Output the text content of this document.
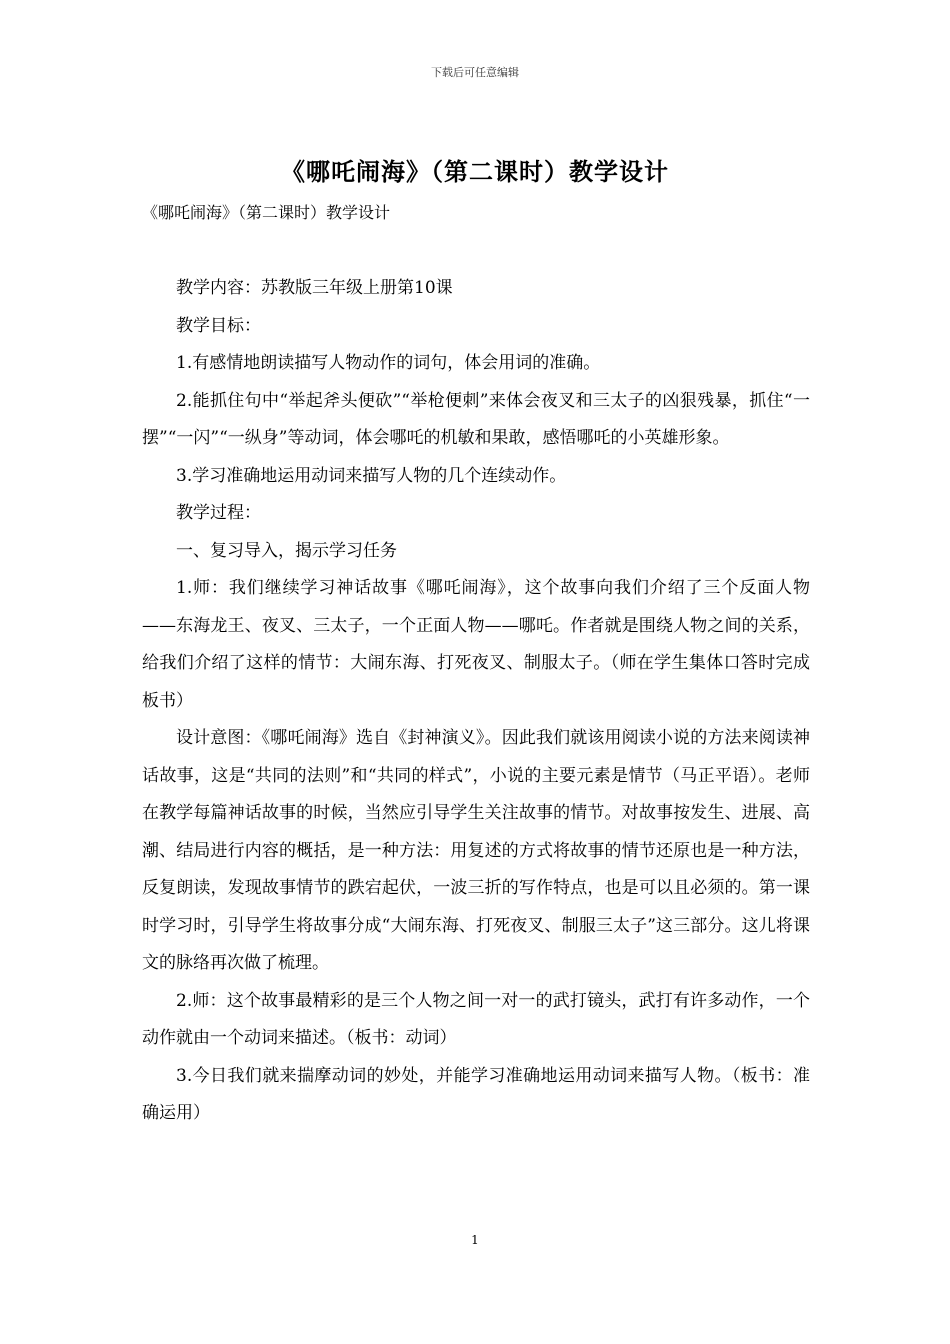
下载后可任意编辑
《哪吒闹海》（第二课时）教学设计
《哪吒闹海》（第二课时）教学设计

教学内容：苏教版三年级上册第10课

教学目标：

1.有感情地朗读描写人物动作的词句，体会用词的准确。

2.能抓住句中“举起斧头便砍”“举枪便刺”来体会夜叉和三太子的凶狠残暴，抓住“一摆”“一闪”“一纵身”等动词，体会哪吒的机敏和果敢，感悟哪吒的小英雄形象。

3.学习准确地运用动词来描写人物的几个连续动作。

教学过程：

一、复习导入，揭示学习任务

1.师：我们继续学习神话故事《哪吒闹海》，这个故事向我们介绍了三个反面人物——东海龙王、夜叉、三太子，一个正面人物——哪吒。作者就是围绕人物之间的关系，给我们介绍了这样的情节：大闹东海、打死夜叉、制服太子。（师在学生集体口答时完成板书）

设计意图：《哪吒闹海》选自《封神演义》。因此我们就该用阅读小说的方法来阅读神话故事，这是“共同的法则”和“共同的样式”，小说的主要元素是情节（马正平语）。老师在教学每篇神话故事的时候，当然应引导学生关注故事的情节。对故事按发生、进展、高潮、结局进行内容的概括，是一种方法：用复述的方式将故事的情节还原也是一种方法，反复朗读，发现故事情节的跌宕起伏，一波三折的写作特点，也是可以且必须的。第一课时学习时，引导学生将故事分成“大闹东海、打死夜叉、制服三太子”这三部分。这儿将课文的脉络再次做了梳理。

2.师：这个故事最精彩的是三个人物之间一对一的武打镜头，武打有许多动作，一个动作就由一个动词来描述。（板书：动词）

3.今日我们就来揣摩动词的妙处，并能学习准确地运用动词来描写人物。（板书：准确运用）

1
